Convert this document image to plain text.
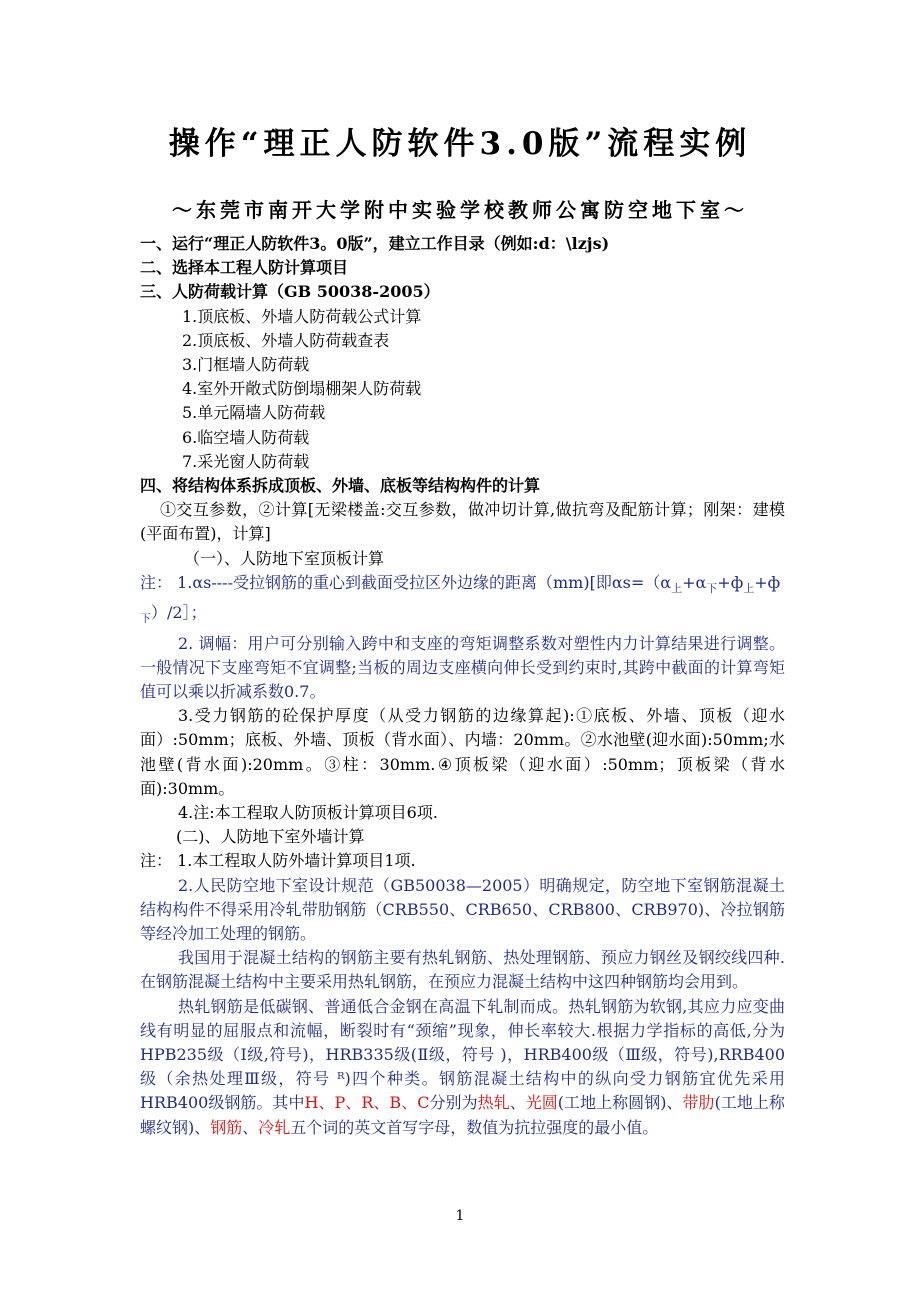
操作“理正人防软件3.0版”流程实例
～东莞市南开大学附中实验学校教师公寓防空地下室～

一、运行“理正人防软件3。0版”，建立工作目录（例如:d：\lzjs)

二、选择本工程人防计算项目

三、人防荷载计算（GB 50038-2005）

1.顶底板、外墙人防荷载公式计算

2.顶底板、外墙人防荷载查表

3.门框墙人防荷载

4.室外开敞式防倒塌棚架人防荷载

5.单元隔墙人防荷载

6.临空墙人防荷载

7.采光窗人防荷载

四、将结构体系拆成顶板、外墙、底板等结构构件的计算

①交互参数，②计算[无梁楼盖:交互参数，做冲切计算,做抗弯及配筋计算；刚架：建模(平面布置)，计算]

（一）、人防地下室顶板计算

注： 1.αs----受拉钢筋的重心到截面受拉区外边缘的距离（mm)[即$\alpha s=(\alpha_上+\alpha_下+ф_上+ф_下)/2]$；

2. 调幅：用户可分别输入跨中和支座的弯矩调整系数对塑性内力计算结果进行调整。一般情况下支座弯矩不宜调整;当板的周边支座横向伸长受到约束时,其跨中截面的计算弯矩值可以乘以折减系数0.7。

3.受力钢筋的砼保护厚度（从受力钢筋的边缘算起):①底板、外墙、顶板（迎水面）:50mm；底板、外墙、顶板（背水面）、内墙：20mm。②水池壁(迎水面):50mm;水池壁(背水面):20mm。③柱：30mm.④顶板梁（迎水面）:50mm；顶板梁（背水面):30mm。

4.注:本工程取人防顶板计算项目6项.

(二)、人防地下室外墙计算

注： 1.本工程取人防外墙计算项目1项.

2.人民防空地下室设计规范（GB50038—2005）明确规定，防空地下室钢筋混凝土结构构件不得采用冷轧带肋钢筋（CRB550、CRB650、CRB800、CRB970)、冷拉钢筋等经冷加工处理的钢筋。

我国用于混凝土结构的钢筋主要有热轧钢筋、热处理钢筋、预应力钢丝及钢绞线四种.在钢筋混凝土结构中主要采用热轧钢筋，在预应力混凝土结构中这四种钢筋均会用到。

热轧钢筋是低碳钢、普通低合金钢在高温下轧制而成。热轧钢筋为软钢,其应力应变曲线有明显的屈服点和流幅，断裂时有“颈缩”现象，伸长率较大.根据力学指标的高低,分为HPB235级（Ⅰ级,符号)，HRB335级(Ⅱ级，符号 )，HRB400级（Ⅲ级，符号),RRB400级（余热处理Ⅲ级，符号 ᴿ)四个种类。钢筋混凝土结构中的纵向受力钢筋宜优先采用HRB400级钢筋。其中H、P、R、B、C分别为热轧、光圆(工地上称圆钢)、带肋(工地上称螺纹钢)、钢筋、冷轧五个词的英文首写字母，数值为抗拉强度的最小值。

1
